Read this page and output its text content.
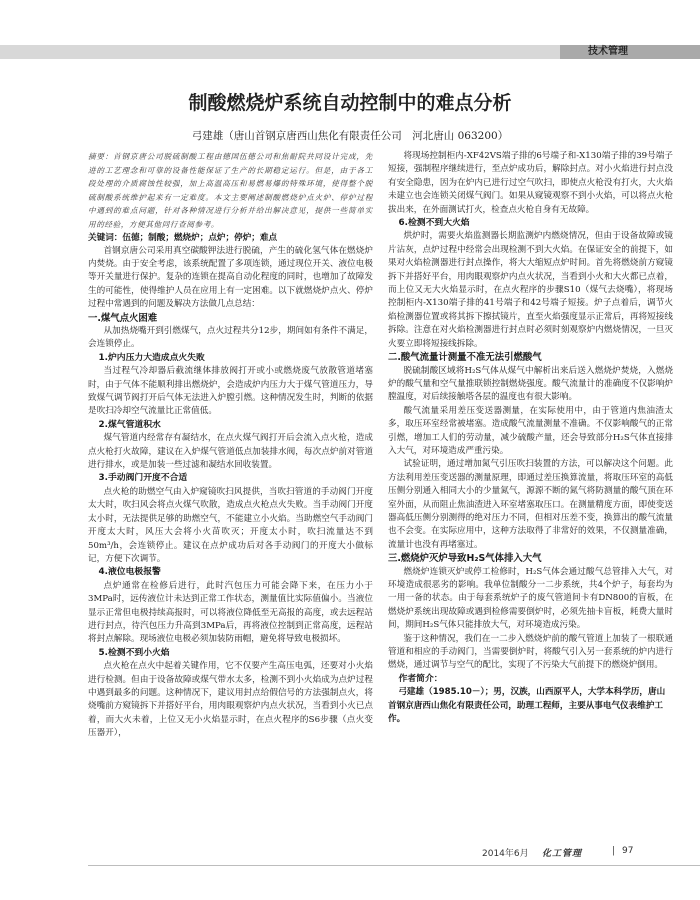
技术管理
制酸燃烧炉系统自动控制中的难点分析
弓建雄（唐山首钢京唐西山焦化有限责任公司　河北唐山 063200）

摘要：首钢京唐公司脱硫制酸工程由德国伍德公司和焦耐院共同设计完成，先进的工艺理念和可靠的设备性能保证了生产的长期稳定运行。但是，由于各工段处理的介质腐蚀性较强，加上高温高压和易燃易爆的特殊环境，使得整个脱硫制酸系统维护起来有一定难度。本文主要阐述制酸燃烧炉点火炉、停炉过程中遇到的难点问题，针对各种情况进行分析并给出解决意见，提供一些简单实用的经验，方便其他同行查阅参考。

关键词：伍德；制酸；燃烧炉；点炉；停炉；难点

首钢京唐公司采用真空碳酸钾法进行脱硫，产生的硫化氢气体在燃烧炉内焚烧。由于安全考虑，该系统配置了多项连锁，通过现位开关、液位电极等开关量进行保护。复杂的连锁在提高自动化程度的同时，也增加了故障发生的可能性，使得维护人员在应用上有一定困难。以下就燃烧炉点火、停炉过程中常遇到的问题及解决方法做几点总结：

一.煤气点火困难

从加热烧嘴开到引燃煤气，点火过程共分12步，期间如有条件不满足，会连锁停止。

1.炉内压力大造成点火失败

当过程气冷却器后截流继体排放阀打开或小或燃烧废气放散管道堵塞时，由于气体不能顺利排出燃烧炉，会造成炉内压力大于煤气管道压力，导致煤气调节阀打开后气体无法进入炉膛引燃。这种情况发生时，判断的依据是吹扫冷却空气流量比正常值低。

2.煤气管道积水

煤气管道内经常存有凝结水，在点火煤气阀打开后会流入点火枪，造成点火枪打火故障，建议在入炉煤气管道低点加装排水阀，每次点炉前对管道进行排水，或是加装一些过滤和凝结水回收装置。

3.手动阀门开度不合适

点火枪的助燃空气由入炉窥镜吹扫风提供，当吹扫管道的手动阀门开度太大时，吹扫风会将点火煤气吹散，造成点火枪点火失败。当手动阀门开度太小时，无法提供足够的助燃空气，不能建立小火焰。当助燃空气手动阀门开度太大时，风压大会将小火苗吹灭；开度太小时，吹扫流量达不到50m³/h，会连锁停止。建议在点炉成功后对各手动阀门的开度大小做标记，方便下次调节。

4.液位电极报警

点炉通常在检修后进行，此时汽包压力可能会降下来，在压力小于3MPa时，远传液位计未达到正常工作状态，测量值比实际值偏小。当液位显示正常但电极持续高报时，可以将液位降低至无高报的高度，或去远程站进行封点，待汽包压力升高到3MPa后，再将液位控制到正常高度，远程站将封点解除。现场液位电极必须加装防雨帽，避免将导致电极损坏。

5.检测不到小火焰

点火枪在点火中起着关键作用，它不仅要产生高压电弧，还要对小火焰进行检测。但由于设备故障或煤气带水太多，检测不到小火焰成为点炉过程中遇到最多的问题。这种情况下，建议用封点给假信号的方法强制点火，将烧嘴前方窥镜拆下并搭好平台，用肉眼观察炉内点火状况，当看到小火已点着，而大火未着，上位又无小火焰显示时，在点火程序的S6步骤（点火变压器开），

将现场控制柜内-XF42VS端子排的6号端子和-X130端子排的39号端子短接，强制程序继续进行，至点炉成功后，解除封点。对小火焰进行封点没有安全隐患，因为在炉内已进行过空气吹扫，即使点火枪没有打火，大火焰未建立也会连锁关闭煤气阀门。如果从窥镜观察不到小火焰，可以将点火枪拔出来，在外面测试打火，检查点火枪自身有无故障。

6.检测不到大火焰

烘炉时，需要火焰监测器长期监测炉内燃烧情况，但由于设备故障或镜片沾灰，点炉过程中经常会出现检测不到大火焰。在保证安全的前提下，如果对火焰检测器进行封点操作，将大大缩短点炉时间。首先将燃烧前方窥镜拆下并搭好平台，用肉眼观察炉内点火状况，当看到小火和大火都已点着，而上位又无大火焰显示时，在点火程序的步骤S10（煤气去烧嘴），将现场控制柜内-X130端子排的41号端子和42号端子短接。炉子点着后，调节火焰检测器位置或将其拆下擦拭镜片，直至火焰强度显示正常后，再将短接线拆除。注意在对火焰检测器进行封点时必须时刻观察炉内燃烧情况，一旦灭火要立即将短接线拆除。

二.酸气流量计测量不准无法引燃酸气

脱硫制酸区域将H₂S气体从煤气中解析出来后送入燃烧炉焚烧，入燃烧炉的酸气量和空气量推联锁控制燃烧强度。酸气流量计的准确度不仅影响炉膛温度，对后续接触塔各层的温度也有很大影响。

酸气流量采用差压变送器测量，在实际使用中，由于管道内焦油渣太多，取压环室经常被堵塞。造成酸气流量测量不准确。不仅影响酸气的正常引燃，增加工人们的劳动量，减少硫酸产量，还会导致部分H₂S气体直接排入大气，对环境造成严重污染。

试验证明，通过增加氮气引压吹扫装置的方法，可以解决这个问题。此方法利用差压变送器的测量原理，即通过差压换算流量，将取压环室的高低压侧分别通入相同大小的少量氮气，源源不断的氮气将防测量的酸气顶在环室外面，从而阻止焦油渣进入环室堵塞取压口。在测量精度方面，即使变送器高低压侧分别测得的绝对压力不同，但相对压差不变，换算出的酸气流量也不会变。在实际应用中，这种方法取得了非常好的效果，不仅测量准确，流量计也没有再堵塞过。

三.燃烧炉灭炉导致H₂S气体排入大气

燃烧炉连锁灭炉或停工检修时，H₂S气体会通过酸气总管排入大气，对环境造成很恶劣的影响。我单位制酸分一二步系统，共4个炉子，每套均为一用一备的状态。由于每套系统炉子的废气管道间卡有DN800的盲板，在燃烧炉系统出现故障或遇到检修需要倒炉时，必须先抽卡盲板，耗费大量时间，期间H₂S气体只能排放大气，对环境造成污染。

鉴于这种情况，我们在一二步入燃烧炉前的酸气管道上加装了一根联通管道和相应的手动阀门，当需要倒炉时，将酸气引入另一套系统的炉内进行燃烧，通过调节与空气的配比，实现了不污染大气前提下的燃烧炉倒用。

作者简介：

弓建雄（1985.10－）；男，汉族，山西原平人，大学本科学历，唐山首钢京唐西山焦化有限责任公司，助理工程师，主要从事电气仪表维护工作。

2014年6月 化工管理	| 97
